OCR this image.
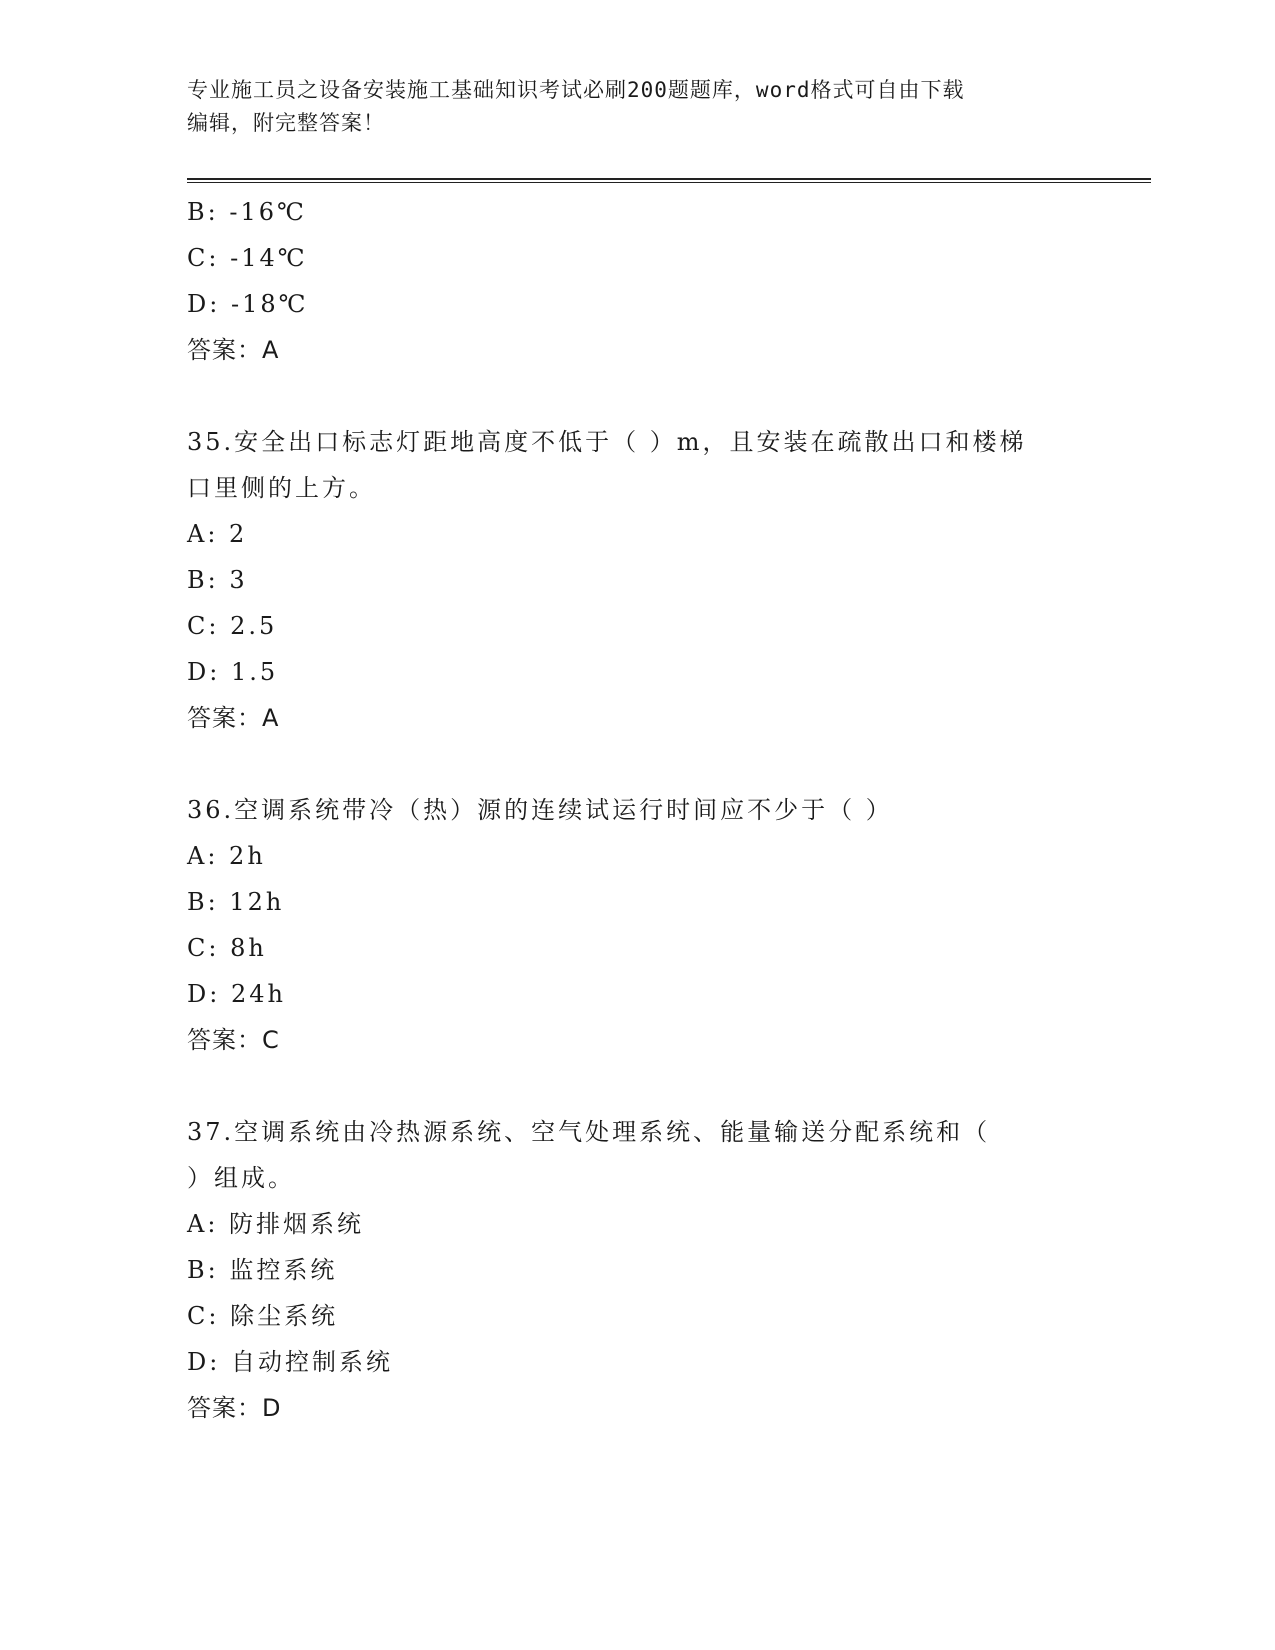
专业施工员之设备安装施工基础知识考试必刷200题题库，word格式可自由下载
编辑，附完整答案！
B: -16℃
C: -14℃
D: -18℃
答案：A
35.安全出口标志灯距地高度不低于（ ）m，且安装在疏散出口和楼梯
口里侧的上方。
A: 2
B: 3
C: 2.5
D: 1.5
答案：A
36.空调系统带冷（热）源的连续试运行时间应不少于（ ）
A: 2h
B: 12h
C: 8h
D: 24h
答案：C
37.空调系统由冷热源系统、空气处理系统、能量输送分配系统和（
）组成。
A: 防排烟系统
B: 监控系统
C: 除尘系统
D: 自动控制系统
答案：D
